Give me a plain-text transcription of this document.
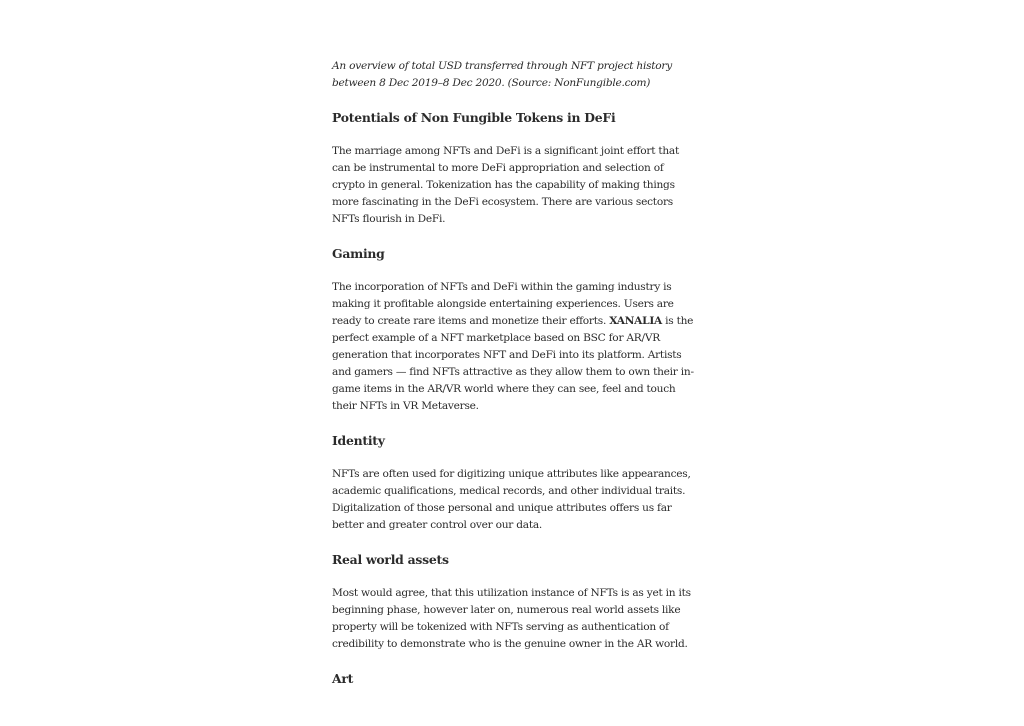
An overview of total USD transferred through NFT project history between 8 Dec 2019–8 Dec 2020. (Source: NonFungible.com)

Potentials of Non Fungible Tokens in DeFi

The marriage among NFTs and DeFi is a significant joint effort that can be instrumental to more DeFi appropriation and selection of crypto in general. Tokenization has the capability of making things more fascinating in the DeFi ecosystem. There are various sectors NFTs flourish in DeFi.

Gaming

The incorporation of NFTs and DeFi within the gaming industry is making it profitable alongside entertaining experiences. Users are ready to create rare items and monetize their efforts. XANALIA is the perfect example of a NFT marketplace based on BSC for AR/VR generation that incorporates NFT and DeFi into its platform. Artists and gamers — find NFTs attractive as they allow them to own their in-game items in the AR/VR world where they can see, feel and touch their NFTs in VR Metaverse.

Identity

NFTs are often used for digitizing unique attributes like appearances, academic qualifications, medical records, and other individual traits. Digitalization of those personal and unique attributes offers us far better and greater control over our data.

Real world assets

Most would agree, that this utilization instance of NFTs is as yet in its beginning phase, however later on, numerous real world assets like property will be tokenized with NFTs serving as authentication of credibility to demonstrate who is the genuine owner in the AR world.

Art
